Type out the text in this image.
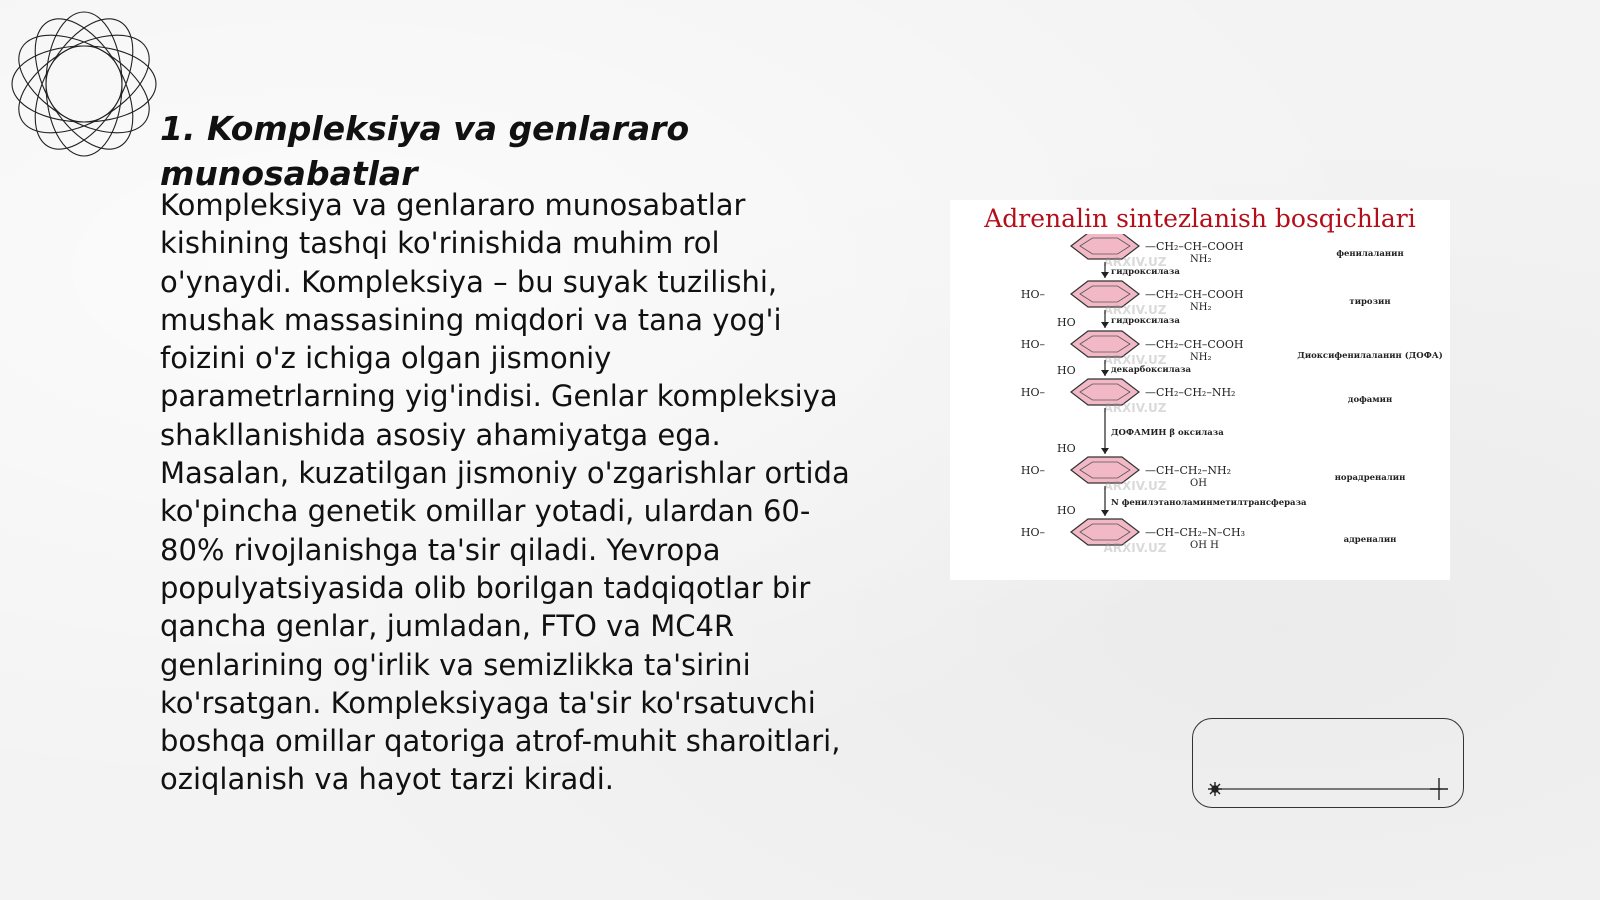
1. Kompleksiya va genlararo munosabatlar

Kompleksiya va genlararo munosabatlar kishining tashqi ko'rinishida muhim rol o'ynaydi. Kompleksiya – bu suyak tuzilishi, mushak massasining miqdori va tana yog'i foizini o'z ichiga olgan jismoniy parametrlarning yig'indisi. Genlar kompleksiya shakllanishida asosiy ahamiyatga ega. Masalan, kuzatilgan jismoniy o'zgarishlar ortida ko'pincha genetik omillar yotadi, ulardan 60-80% rivojlanishga ta'sir qiladi. Yevropa populyatsiyasida olib borilgan tadqiqotlar bir qancha genlar, jumladan, FTO va MC4R genlarining og'irlik va semizlikka ta'sirini ko'rsatgan. Kompleksiyaga ta'sir ko'rsatuvchi boshqa omillar qatoriga atrof-muhit sharoitlari, oziqlanish va hayot tarzi kiradi.

Adrenalin sintezlanish bosqichlari
—CH₂–CH–COOH
NH₂	фенилаланин
ARXIV.UZ
HO–	—CH₂–CH–COOH
NH₂	тирозин
ARXIV.UZ
HO–	—CH₂–CH–COOH
NH₂	Диоксифенилаланин (ДОФА)
HO
ARXIV.UZ
HO–	—CH₂–CH₂–NH₂
дофамин
HO
ARXIV.UZ
HO–	—CH–CH₂–NH₂
OH	норадреналин
HO
ARXIV.UZ
HO–	—CH–CH₂–N–CH₃
OH H	адреналин
HO
ARXIV.UZ
гидроксилаза
гидроксилаза
декарбоксилаза
ДОФАМИН β оксилаза
N фенилэтаноламинметилтрансфераза
